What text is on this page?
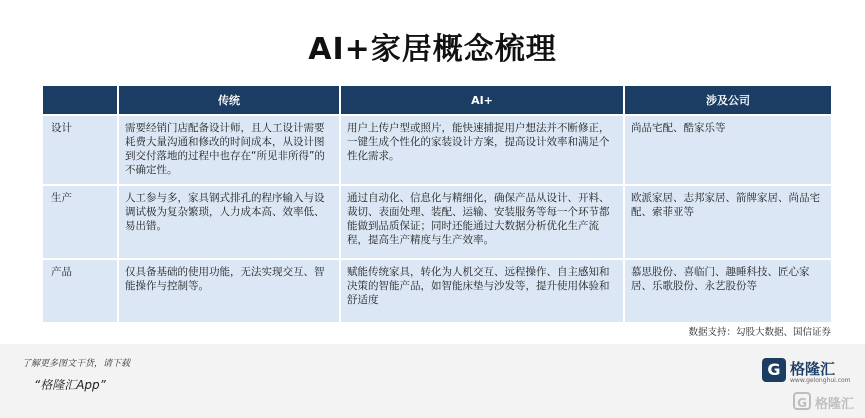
AI+家居概念梳理
	传统	AI+	涉及公司
设计	需要经销门店配备设计师，且人工设计需要耗费大量沟通和修改的时间成本，从设计图到交付落地的过程中也存在“所见非所得”的不确定性。	用户上传户型或照片，能快速捕捉用户想法并不断修正，一键生成个性化的家装设计方案，提高设计效率和满足个性化需求。	尚品宅配、酷家乐等
生产	人工参与多，家具钢式排孔的程序输入与设调试极为复杂繁琐，人力成本高、效率低、易出错。	通过自动化、信息化与精细化，确保产品从设计、开料、裁切、表面处理、装配、运输、安装服务等每一个环节都能做到品质保证；同时还能通过大数据分析优化生产流程，提高生产精度与生产效率。	欧派家居、志邦家居、箭牌家居、尚品宅配、索菲亚等
产品	仅具备基础的使用功能，无法实现交互、智能操作与控制等。	赋能传统家具，转化为人机交互、远程操作、自主感知和决策的智能产品，如智能床垫与沙发等，提升使用体验和舒适度	慕思股份、喜临门、趣睡科技、匠心家居、乐歌股份、永艺股份等
数据支持：勾股大数据、国信证券
了解更多图文干货，请下载
“格隆汇App”
G 格隆汇
www.gelonghui.com
G 格隆汇
